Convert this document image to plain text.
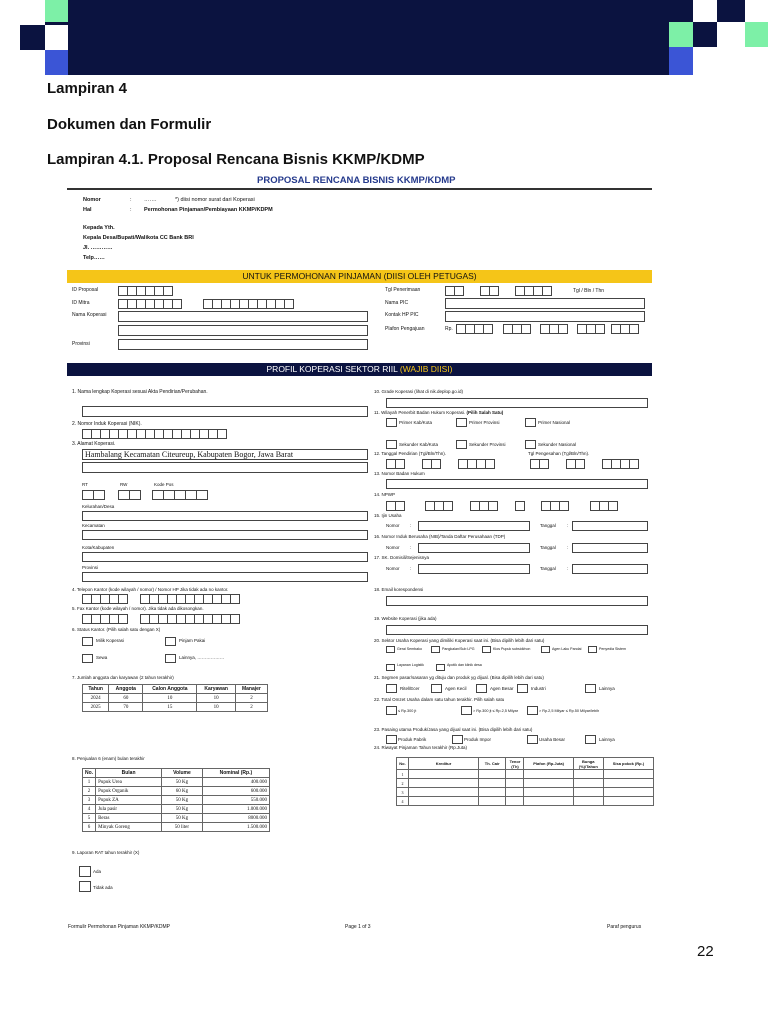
Lampiran 4
Dokumen dan Formulir
Lampiran 4.1. Proposal Rencana Bisnis KKMP/KDMP
PROPOSAL RENCANA BISNIS KKMP/KDMP
Nomor	: …….	*) diisi nomor surat dari Koperasi
Hal	: Permohonan Pinjaman/Pembiayaan KKMP/KDPM
Kepada Yth.
Kepala Desa/Bupati/Walikota CC Bank BRI
Jl. …………
Telp……
UNTUK PERMOHONAN PINJAMAN (DIISI OLEH PETUGAS)
ID Proposal
ID Mitra
Nama Koperasi
Provinsi
Tgl Penerimaan	Tgl / Bln / Thn
Nama PIC
Kontak HP PIC
Plafon Pengajuan	Rp.
PROFIL KOPERASI SEKTOR RIIL (WAJIB DIISI)
1. Nama lengkap Koperasi sesuai Akta Pendirian/Perubahan.
2. Nomor Induk Koperasi (NIK).
3. Alamat Koperasi.
Hambalang Kecamatan Citeureup, Kabupaten Bogor, Jawa Barat
RT	RW	Kode Pos
Kelurahan/Desa
Kecamatan
Kota/Kabupaten
Provinsi
4. Telepon Kantor (kode wilayah / nomor) / Nomor HP Jika tidak ada no kantor.
5. Fax Kantor (kode wilayah / nomor). Jika tidak ada dikosongkan.
6. Status Kantor. (Pilih salah satu dengan X)
Milik Koperasi	Pinjam Pakai
Sewa	Lainnya, ………………
7. Jumlah anggota dan karyawan (2 tahun terakhir)
Tahun	Anggota	Calon Anggota	Karyawan	Manajer
2024	60	10	10	2
2025	70	15	10	2
8. Penjualan 6 (enam) bulan terakhir
No.	Bulan	Volume	Nominal (Rp.)
1	Pupuk Urea	50 Kg	400.000
2	Pupuk Organik	60 Kg	600.000
3	Pupuk ZA	50 Kg	550.000
4	Jula pasir	50 Kg	1.000.000
5	Beras	50 Kg	8000.000
6	Minyak Goreng	50 liter	1.500.000
9. Laporan RAT tahun terakhir (X)
Ada
Tidak ada
10. Grade Koperasi (lihat di nik.deplop.go.id)
11. Wilayah Penerbit Badan Hukum Koperasi. (Pilih Salah Satu)
Primer Kab/Kota	Primer Provinsi	Primer Nasional
Sekunder Kab/Kota	Sekunder Provinsi	Sekunder Nasional
12. Tanggal Pendirian (Tgl/Bln/Thn).	Tgl Pengesahan (Tgl/Bln/Thn).
13. Nomor Badan Hukum
14. NPWP
15. Ijin Usaha
Nomor :	Tanggal :
16. Nomor Induk Berusaha (NIB)/Tanda Daftar Perusahaan (TDP)
Nomor :	Tanggal :
17. SK. Domisili/Sejenisnya
Nomor :	Tanggal :
18. Email korespondensi
19. Website Koperasi (jika ada)
20. Sektor Usaha Koperasi yang dimiliki Koperasi saat ini. (Bisa dipilih lebih dari satu)
Gerai Sembako	Pangkalan/Sub LPG	Kios Pupuk subsidi/non	Agen Laku Pandai	Penyedia Sistem
Layanan Logistik	Apotik dan klinik desa
21. Segmen pasar/sasaran yg dituju dan produk yg dijual. (Bisa dipilih lebih dari satu)
Ritel/Ecer	Agen Kecil	Agen Besar	Industri	Lainnya
22. Total Omzet Usaha dalam satu tahun terakhir. Pilih salah satu
≤ Rp.300 jt	> Rp.300 jt ≤ Rp.2,5 Milyar	> Rp.2,5 Milyar ≤ Rp.50 Milyar/lebih
23. Pasaing utama Produk/Jasa yang dijual saat ini. (Bisa dipilih lebih dari satu)
Produk Pabrik	Produk Impor	Usaha Besar	Lainnya
24. Riwayat Pinjaman Tahun terakhir (Rp.Juta)
No.	Kreditur	Th. Cair	Tenor (Th)	Plafon (Rp.Juta)	Bunga (%)/Tahun	Sisa pokok (Rp.)
1						
2						
3						
4						
Formulir Permohonan Pinjaman KKMP/KDMP	Page 1 of 3	Paraf pengurus
22
